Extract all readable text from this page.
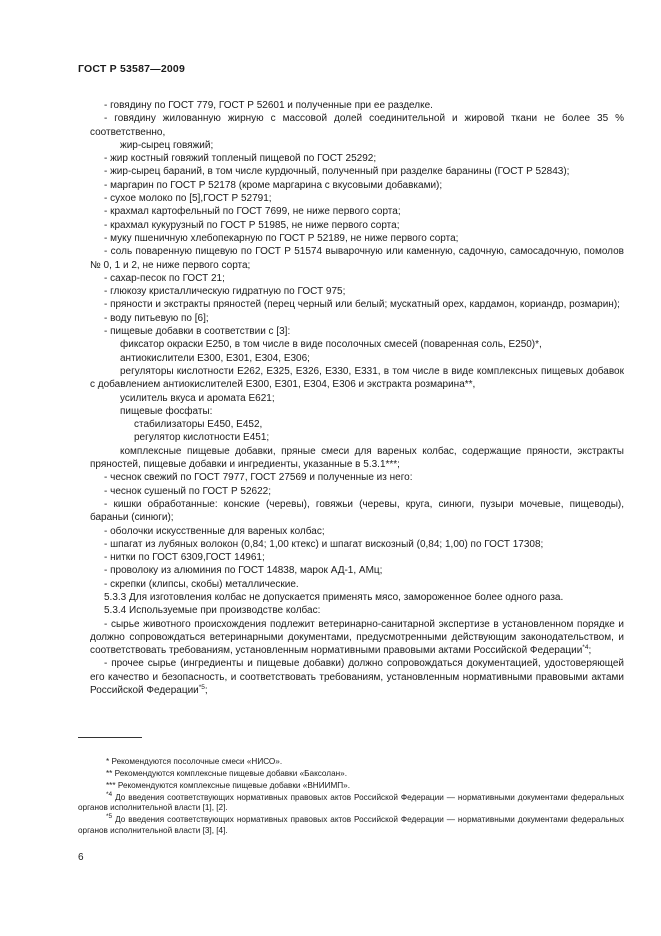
ГОСТ Р 53587—2009

- говядину по ГОСТ 779, ГОСТ Р 52601 и полученные при ее разделке.

- говядину жилованную жирную с массовой долей соединительной и жировой ткани не более 35 % соответственно,

жир-сырец говяжий;

- жир костный говяжий топленый пищевой по ГОСТ 25292;

- жир-сырец бараний, в том числе курдючный, полученный при разделке баранины (ГОСТ Р 52843);

- маргарин по ГОСТ Р 52178 (кроме маргарина с вкусовыми добавками);

- сухое молоко по [5],ГОСТ Р 52791;

- крахмал картофельный по ГОСТ 7699, не ниже первого сорта;

- крахмал кукурузный по ГОСТ Р 51985, не ниже первого сорта;

- муку пшеничную хлебопекарную по ГОСТ Р 52189, не ниже первого сорта;

- соль поваренную пищевую по ГОСТ Р 51574 выварочную или каменную, садочную, самосадочную, помолов № 0, 1 и 2, не ниже первого сорта;

- сахар-песок по ГОСТ 21;

- глюкозу кристаллическую гидратную по ГОСТ 975;

- пряности и экстракты пряностей (перец черный или белый; мускатный орех, кардамон, кориандр, розмарин);

- воду питьевую по [6];

- пищевые добавки в соответствии с [3]:

фиксатор окраски Е250, в том числе в виде посолочных смесей (поваренная соль, Е250)*,

антиокислители Е300, Е301, Е304, Е306;

регуляторы кислотности Е262, Е325, Е326, Е330, Е331, в том числе в виде комплексных пищевых добавок с добавлением антиокислителей Е300, Е301, Е304, Е306 и экстракта розмарина**,

усилитель вкуса и аромата Е621;

пищевые фосфаты:

стабилизаторы Е450, Е452,

регулятор кислотности Е451;

комплексные пищевые добавки, пряные смеси для вареных колбас, содержащие пряности, экстракты пряностей, пищевые добавки и ингредиенты, указанные в 5.3.1***;

- чеснок свежий по ГОСТ 7977, ГОСТ 27569 и полученные из него:

- чеснок сушеный по ГОСТ Р 52622;

- кишки обработанные: конские (черевы), говяжьи (черевы, круга, синюги, пузыри мочевые, пищеводы), бараньи (синюги);

- оболочки искусственные для вареных колбас;

- шпагат из лубяных волокон (0,84; 1,00 ктекс) и шпагат вискозный (0,84; 1,00) по ГОСТ 17308;

- нитки по ГОСТ 6309,ГОСТ 14961;

- проволоку из алюминия по ГОСТ 14838, марок АД-1, АМц;

- скрепки (клипсы, скобы) металлические.

5.3.3 Для изготовления колбас не допускается применять мясо, замороженное более одного раза.

5.3.4 Используемые при производстве колбас:

- сырье животного происхождения подлежит ветеринарно-санитарной экспертизе в установленном порядке и должно сопровождаться ветеринарными документами, предусмотренными действующим законодательством, и соответствовать требованиям, установленным нормативными правовыми актами Российской Федерации$^{*4}$;

- прочее сырье (ингредиенты и пищевые добавки) должно сопровождаться документацией, удостоверяющей его качество и безопасность, и соответствовать требованиям, установленным нормативными правовыми актами Российской Федерации$^{*5}$;

* Рекомендуются посолочные смеси «НИСО».

** Рекомендуются комплексные пищевые добавки «Баксолан».

*** Рекомендуются комплексные пищевые добавки «ВНИИМП».

$^{*4}$ До введения соответствующих нормативных правовых актов Российской Федерации — нормативными документами федеральных органов исполнительной власти [1], [2].

$^{*5}$ До введения соответствующих нормативных правовых актов Российской Федерации — нормативными документами федеральных органов исполнительной власти [3], [4].

6
